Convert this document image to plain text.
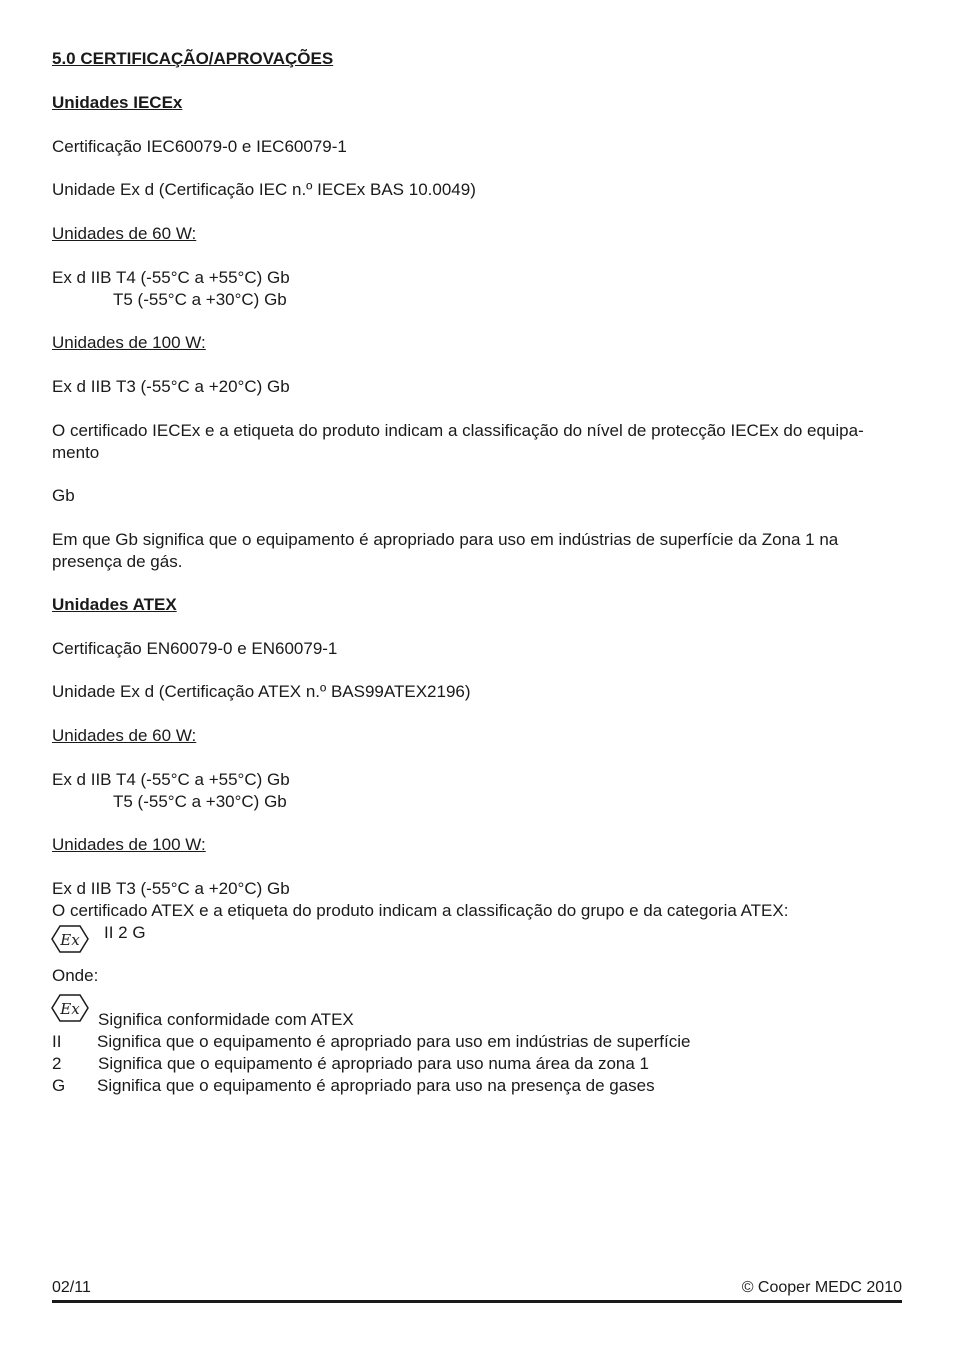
5.0 CERTIFICAÇÃO/APROVAÇÕES
Unidades IECEx
Certificação IEC60079-0 e IEC60079-1
Unidade Ex d (Certificação IEC n.º IECEx BAS 10.0049)
Unidades de 60 W:
Ex d IIB T4 (-55°C a +55°C) Gb
T5 (-55°C a +30°C) Gb
Unidades de 100 W:
Ex d IIB T3 (-55°C a +20°C) Gb
O certificado IECEx e a etiqueta do produto indicam a classificação do nível de protecção IECEx do equipa-
mento
Gb
Em que Gb significa que o equipamento é apropriado para uso em indústrias de superfície da Zona 1 na
presença de gás.
Unidades ATEX
Certificação EN60079-0 e EN60079-1
Unidade Ex d (Certificação ATEX n.º BAS99ATEX2196)
Unidades de 60 W:
Ex d IIB T4 (-55°C a +55°C) Gb
T5 (-55°C a +30°C) Gb
Unidades de 100 W:
Ex d IIB T3 (-55°C a +20°C) Gb
O certificado ATEX e a etiqueta do produto indicam a classificação do grupo e da categoria ATEX:
Ex II 2 G
Onde:
Ex
Significa conformidade com ATEX
II Significa que o equipamento é apropriado para uso em indústrias de superfície
2 Significa que o equipamento é apropriado para uso numa área da zona 1
G Significa que o equipamento é apropriado para uso na presença de gases
02/11	© Cooper MEDC 2010
